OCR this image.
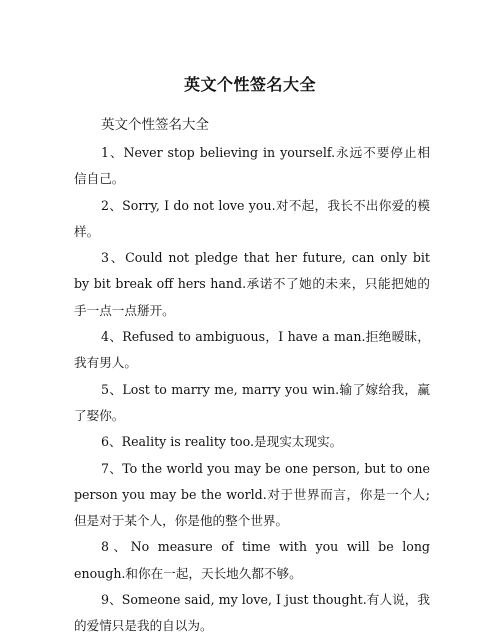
英文个性签名大全
英文个性签名大全

1、Never stop believing in yourself.永远不要停止相信自己。

2、Sorry, I do not love you.对不起，我长不出你爱的模样。

3、Could not pledge that her future, can only bit by bit break off hers hand.承诺不了她的未来，只能把她的手一点一点掰开。

4、Refused to ambiguous，I have a man.拒绝暧昧，我有男人。

5、Lost to marry me, marry you win.输了嫁给我，赢了娶你。

6、Reality is reality too.是现实太现实。

7、To the world you may be one person, but to one person you may be the world.对于世界而言，你是一个人;但是对于某个人，你是他的整个世界。

8、No measure of time with you will be long enough.和你在一起，天长地久都不够。

9、Someone said, my love, I just thought.有人说，我的爱情只是我的自以为。
